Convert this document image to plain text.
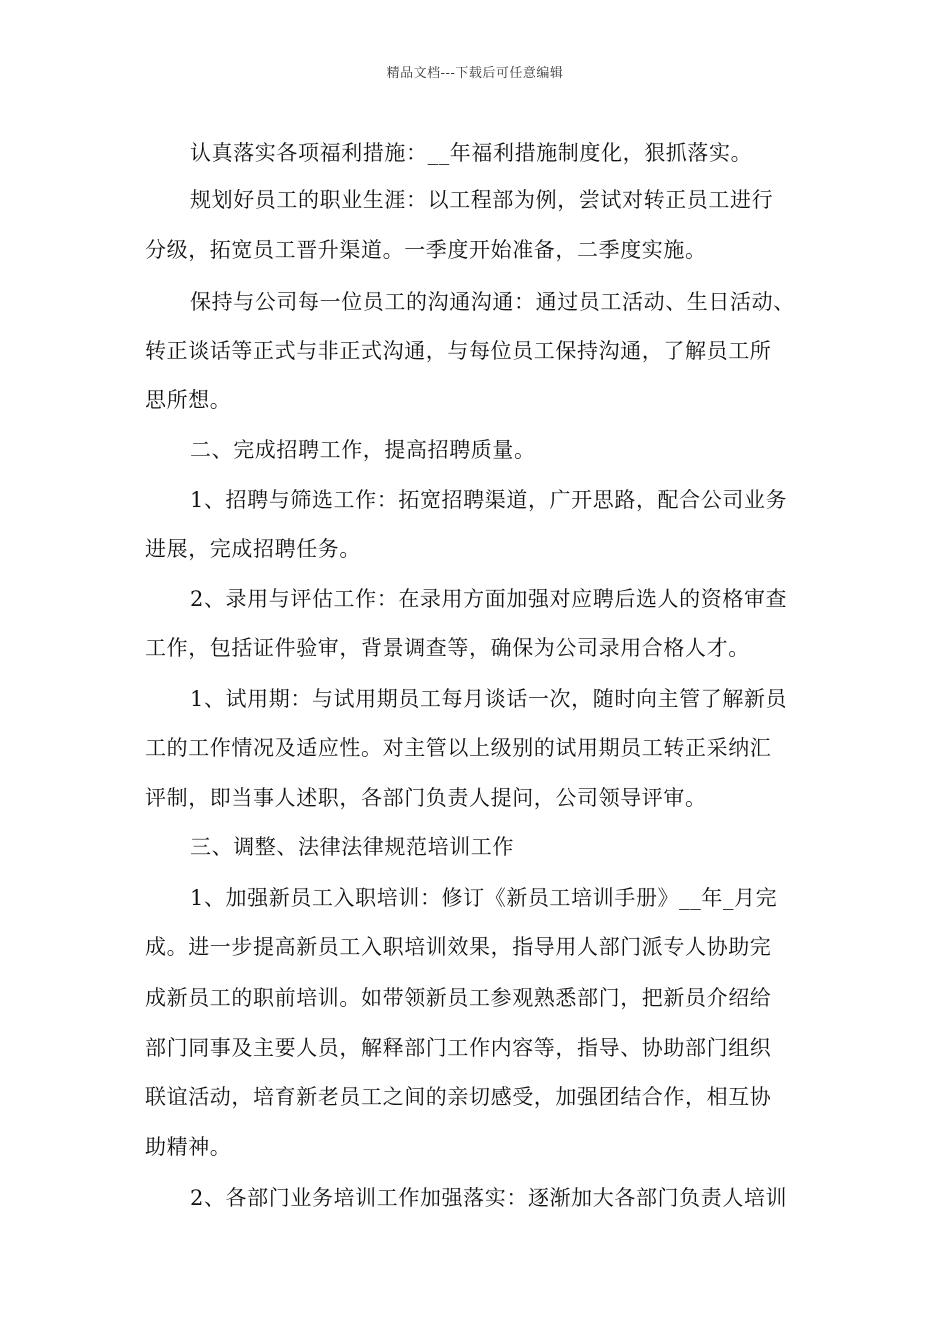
精品文档---下载后可任意编辑
认真落实各项福利措施：__年福利措施制度化，狠抓落实。
规划好员工的职业生涯：以工程部为例，尝试对转正员工进行
分级，拓宽员工晋升渠道。一季度开始准备，二季度实施。
保持与公司每一位员工的沟通沟通：通过员工活动、生日活动、
转正谈话等正式与非正式沟通，与每位员工保持沟通，了解员工所
思所想。
二、完成招聘工作，提高招聘质量。
1、招聘与筛选工作：拓宽招聘渠道，广开思路，配合公司业务
进展，完成招聘任务。
2、录用与评估工作：在录用方面加强对应聘后选人的资格审查
工作，包括证件验审，背景调查等，确保为公司录用合格人才。
1、试用期：与试用期员工每月谈话一次，随时向主管了解新员
工的工作情况及适应性。对主管以上级别的试用期员工转正采纳汇
评制，即当事人述职，各部门负责人提问，公司领导评审。
三、调整、法律法律规范培训工作
1、加强新员工入职培训：修订《新员工培训手册》__年_月完
成。进一步提高新员工入职培训效果，指导用人部门派专人协助完
成新员工的职前培训。如带领新员工参观熟悉部门，把新员介绍给
部门同事及主要人员，解释部门工作内容等，指导、协助部门组织
联谊活动，培育新老员工之间的亲切感受，加强团结合作，相互协
助精神。
2、各部门业务培训工作加强落实：逐渐加大各部门负责人培训
